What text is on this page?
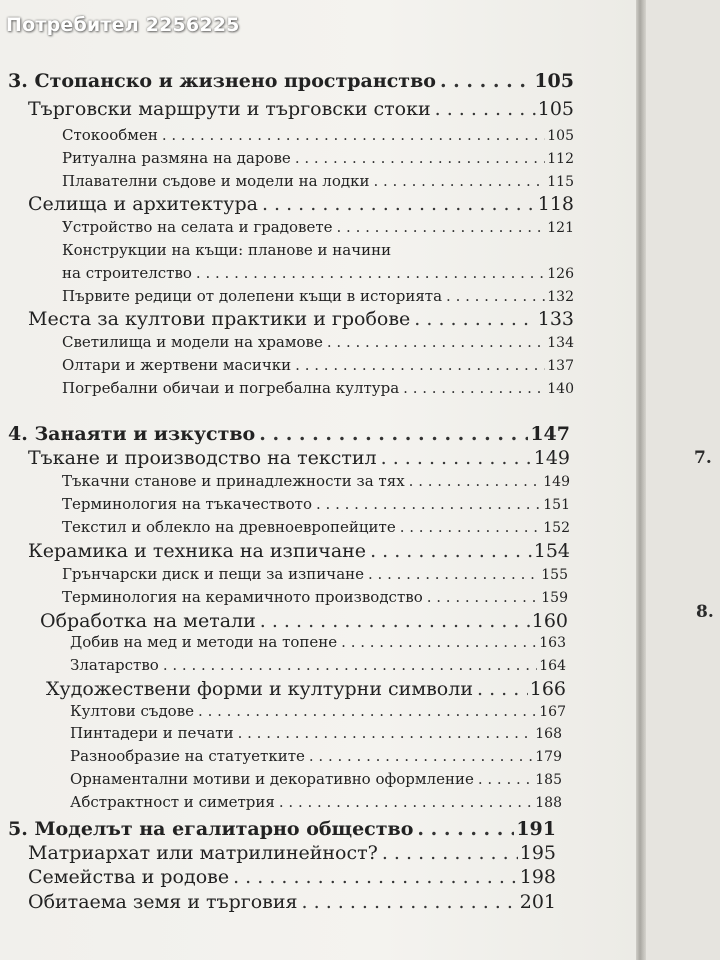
3. Стопанско и жизнено пространство . . .	105
Търговски маршрути и търговски стоки . . .	105
Стокообмен . . .	105
Ритуална размяна на дарове . . .	112
Плавателни съдове и модели на лодки . . .	115
Селища и архитектура . . .	118
Устройство на селата и градовете . . .	121
Конструкции на къщи: планове и начини
на строителство . . .	126
Първите редици от долепени къщи в историята . . .	132
Места за култови практики и гробове . . .	133
Светилища и модели на храмове . . .	134
Олтари и жертвени масички . . .	137
Погребални обичаи и погребална култура . . .	140
4. Занаяти и изкуство . . .	147
Тъкане и производство на текстил . . .	149
Тъкачни станове и принадлежности за тях . . .	149
Терминология на тъкачеството . . .	151
Текстил и облекло на древноевропейците . . .	152
Керамика и техника на изпичане . . .	154
Грънчарски диск и пещи за изпичане . . .	155
Терминология на керамичното производство . . .	159
Обработка на метали . . .	160
Добив на мед и методи на топене . . .	163
Златарство . . .	164
Художествени форми и културни символи . . .	166
Култови съдове . . .	167
Пинтадери и печати . . .	168
Разнообразие на статуетките . . .	179
Орнаментални мотиви и декоративно оформление . . .	185
Абстрактност и симетрия . . .	188
5. Моделът на егалитарно общество . . .	191
Матриархат или матрилинейност? . . .	195
Семейства и родове . . .	198
Обитаема земя и търговия . . .	201
7.
8.
Потребител 2256225
